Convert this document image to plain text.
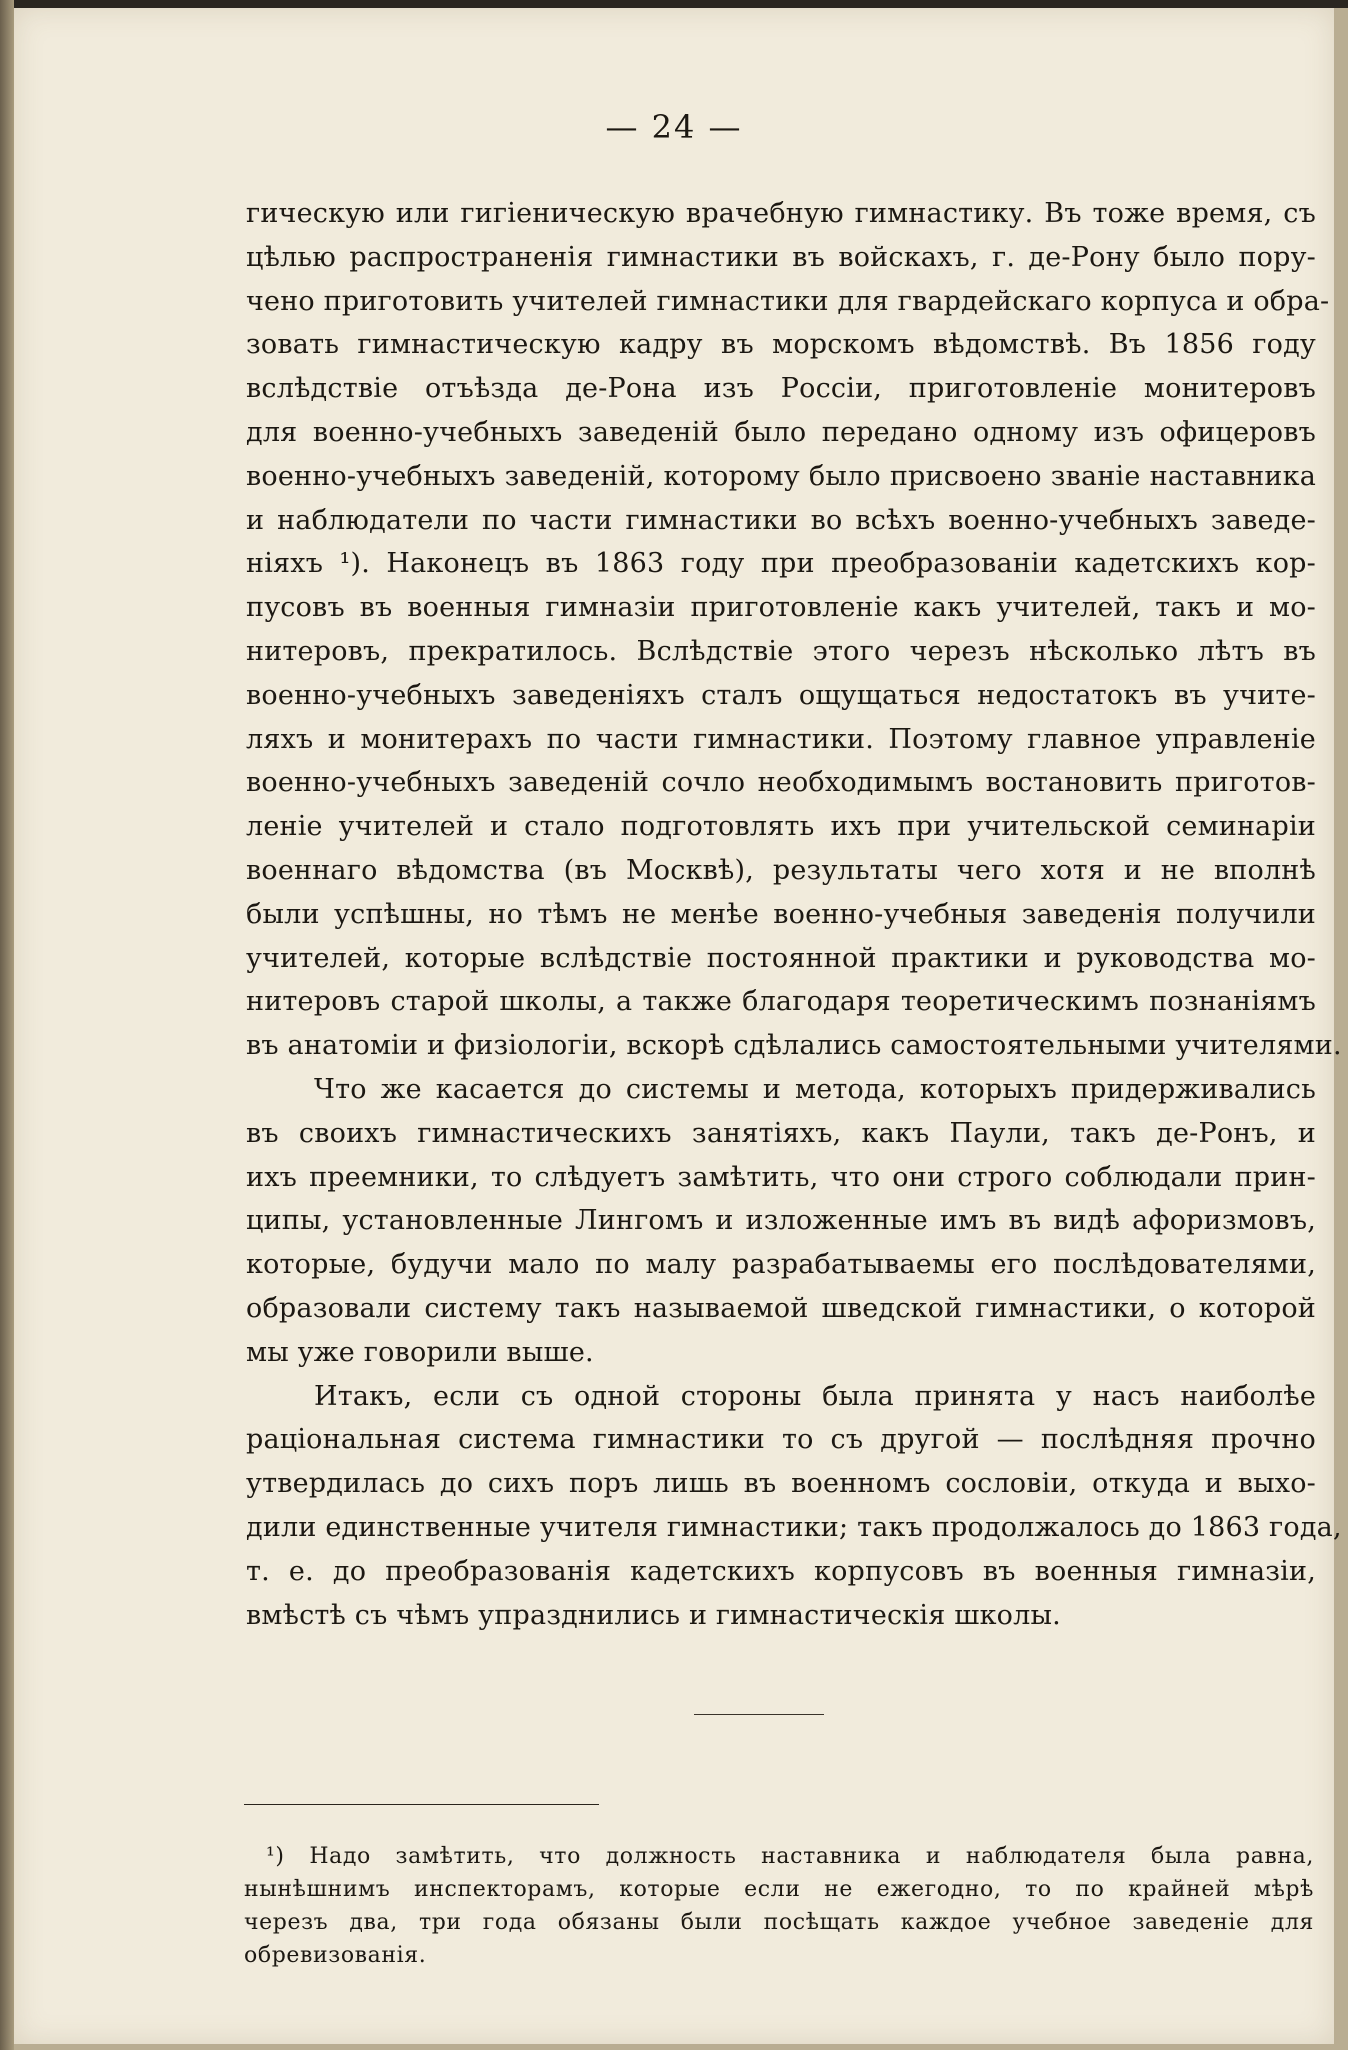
— 24 —
гическую или гигіеническую врачебную гимнастику. Въ тоже время, съ
цѣлью распространенія гимнастики въ войскахъ, г. де-Рону было пору-
чено приготовить учителей гимнастики для гвардейскаго корпуса и обра-
зовать гимнастическую кадру въ морскомъ вѣдомствѣ. Въ 1856 году
вслѣдствіе отъѣзда де-Рона изъ Россіи, приготовленіе монитеровъ
для военно-учебныхъ заведеній было передано одному изъ офицеровъ
военно-учебныхъ заведеній, которому было присвоено званіе наставника
и наблюдатели по части гимнастики во всѣхъ военно-учебныхъ заведе-
ніяхъ ¹). Наконецъ въ 1863 году при преобразованіи кадетскихъ кор-
пусовъ въ военныя гимназіи приготовленіе какъ учителей, такъ и мо-
нитеровъ, прекратилось. Вслѣдствіе этого черезъ нѣсколько лѣтъ въ
военно-учебныхъ заведеніяхъ сталъ ощущаться недостатокъ въ учите-
ляхъ и монитерахъ по части гимнастики. Поэтому главное управленіе
военно-учебныхъ заведеній сочло необходимымъ востановить приготов-
леніе учителей и стало подготовлять ихъ при учительской семинаріи
военнаго вѣдомства (въ Москвѣ), результаты чего хотя и не вполнѣ
были успѣшны, но тѣмъ не менѣе военно-учебныя заведенія получили
учителей, которые вслѣдствіе постоянной практики и руководства мо-
нитеровъ старой школы, а также благодаря теоретическимъ познаніямъ
въ анатоміи и физіологіи, вскорѣ сдѣлались самостоятельными учителями.
Что же касается до системы и метода, которыхъ придерживались
въ своихъ гимнастическихъ занятіяхъ, какъ Паули, такъ де-Ронъ, и
ихъ преемники, то слѣдуетъ замѣтить, что они строго соблюдали прин-
ципы, установленные Лингомъ и изложенные имъ въ видѣ афоризмовъ,
которые, будучи мало по малу разрабатываемы его послѣдователями,
образовали систему такъ называемой шведской гимнастики, о которой
мы уже говорили выше.
Итакъ, если съ одной стороны была принята у насъ наиболѣе
раціональная система гимнастики то съ другой — послѣдняя прочно
утвердилась до сихъ поръ лишь въ военномъ сословіи, откуда и выхо-
дили единственные учителя гимнастики; такъ продолжалось до 1863 года,
т. е. до преобразованія кадетскихъ корпусовъ въ военныя гимназіи,
вмѣстѣ съ чѣмъ упразднились и гимнастическія школы.
¹) Надо замѣтить, что должность наставника и наблюдателя была равна,
нынѣшнимъ инспекторамъ, которые если не ежегодно, то по крайней мѣрѣ
черезъ два, три года обязаны были посѣщать каждое учебное заведеніе для
обревизованія.
